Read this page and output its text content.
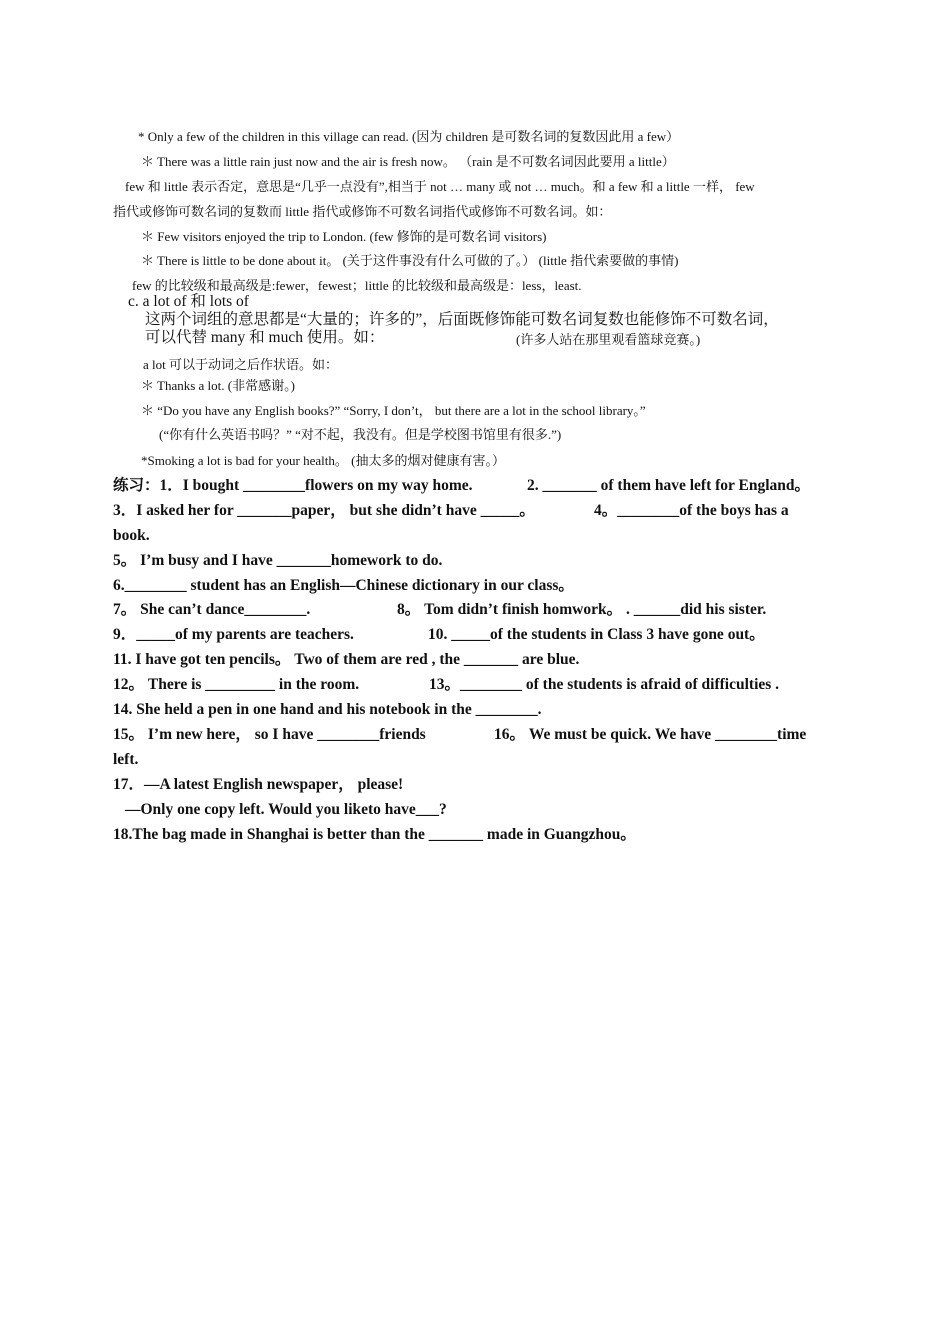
* Only a few of the children in this village can read. (因为 children 是可数名词的复数因此用 a few）
＊ There was a little rain just now and the air is fresh now。 （rain 是不可数名词因此要用 a little）
few 和 little 表示否定，意思是“几乎一点没有”,相当于 not … many 或 not … much。和 a few 和 a little 一样， few
指代或修饰可数名词的复数而 little 指代或修饰不可数名词指代或修饰不可数名词。如：
＊ Few visitors enjoyed the trip to London. (few 修饰的是可数名词 visitors)
＊ There is little to be done about it。 (关于这件事没有什么可做的了。） (little 指代索要做的事情)
few 的比较级和最高级是:fewer，fewest；little 的比较级和最高级是：less，least.
c. a lot of 和 lots of
这两个词组的意思都是“大量的；许多的”，后面既修饰能可数名词复数也能修饰不可数名词，
可以代替 many 和 much 使用。如：	(许多人站在那里观看篮球竞赛。)
a lot 可以于动词之后作状语。如：
＊ Thanks a lot. (非常感谢。)
＊ “Do you have any English books?” “Sorry, I don’t， but there are a lot in the school library。”
(“你有什么英语书吗？” “对不起，我没有。但是学校图书馆里有很多.”)
*Smoking a lot is bad for your health。 (抽太多的烟对健康有害。）
练习：1．I bought ________flowers on my way home.	2. _______ of them have left for England。
3．I asked her for _______paper， but she didn’t have _____。	4。________of the boys has a
book.
5。 I’m busy and I have _______homework to do.
6.________ student has an English—Chinese dictionary in our class。
7。 She can’t dance________.	8。 Tom didn’t finish homwork。 . ______did his sister.
9．_____of my parents are teachers.	10. _____of the students in Class 3 have gone out。
11. I have got ten pencils。 Two of them are red , the _______ are blue.
12。 There is _________ in the room.	13。________ of the students is afraid of difficulties .
14. She held a pen in one hand and his notebook in the ________.
15。 I’m new here， so I have ________friends	16。 We must be quick. We have ________time
left.
17．—A latest English newspaper， please!
—Only one copy left. Would you liketo have___?
18.The bag made in Shanghai is better than the _______ made in Guangzhou。
